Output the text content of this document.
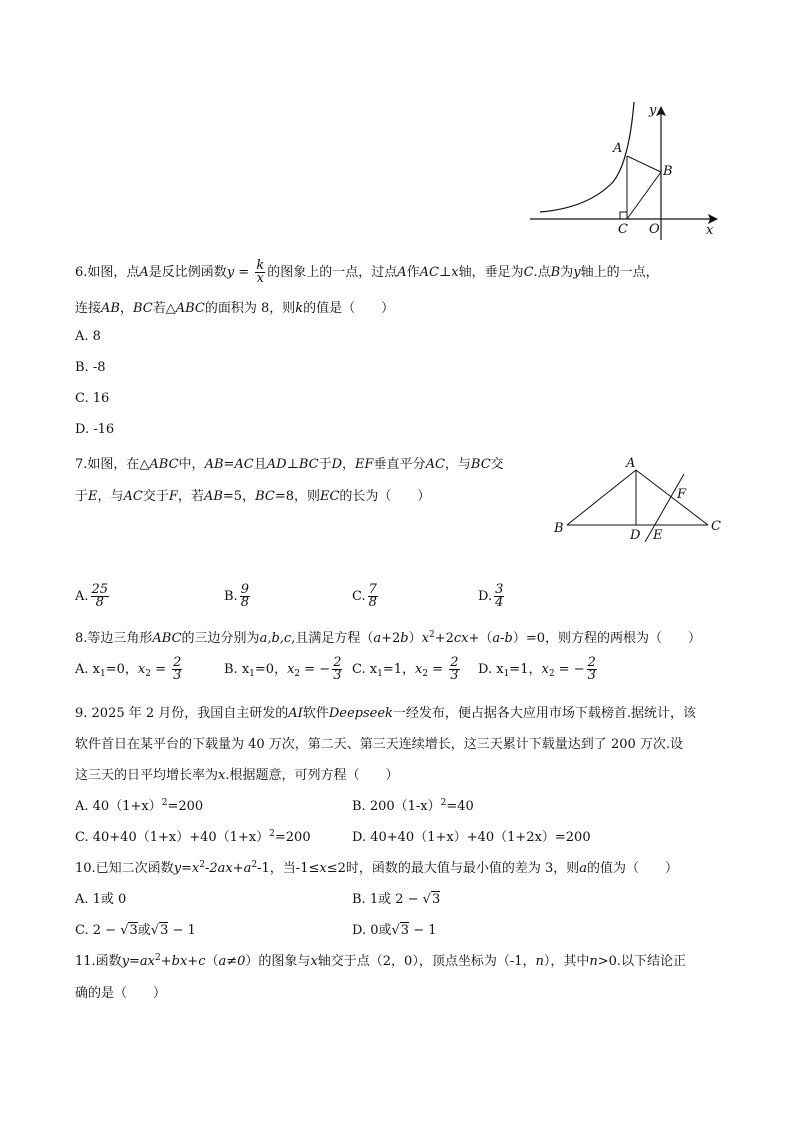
y
x
A
B
C O
6.如图，点A是反比例函数$y = \frac{k}{x}$ 的图象上的一点，过点A作AC⊥x轴，垂足为C.点B为y轴上的一点，
连接AB，BC若△ABC的面积为 8，则k的值是（　　）
A. 8
B. -8
C. 16
D. -16
A
B	C
D E
F
7.如图，在△ABC中，AB=AC且AD⊥BC于D，EF垂直平分AC，与BC交
于E，与AC交于F，若AB=5，BC=8，则EC的长为（　　）
A. $\frac{25}{8}$	B. $\frac{9}{8}$	C. $\frac{7}{8}$	D. $\frac{3}{4}$
8.等边三角形ABC的三边分别为a,b,c,且满足方程$(a+2b)x^2+2cx+(a-b)=0$，则方程的两根为（　　）
A. $x_1=0$，$x_2 = \frac{2}{3}$	B. $x_1=0$，$x_2$ = − $\frac{2}{3} C$. $x_1=1$，$x_2 = \frac{2}{3} D$. $x_1=1$，$x_2$ = − $\frac{2}{3}$
9. 2025 年 2 月份，我国自主研发的AI软件Deepseek一经发布，便占据各大应用市场下载榜首.据统计，该
软件首日在某平台的下载量为 40 万次，第二天、第三天连续增长，这三天累计下载量达到了 200 万次.设
这三天的日平均增长率为x.根据题意，可列方程（　　）
A. $40(1+x)^2=200$	B. $200(1-x)^2=40$
C. $40+40(1+x)+40(1+x)^2=200$	D. 40+40（1+x）+40（1+2x）=200
10.已知二次函数$y=x^2-2ax+a^2-1$，当-1≤x≤2时，函数的最大值与最小值的差为 3，则a的值为（　　）
A. 1或 0	B. 1或 2 − √3
C. 2 − √3或√3 − 1	D. 0或√3 − 1
11.函数$y=ax^2+bx+c(a\ne 0)$的图象与x轴交于点（2，0），顶点坐标为（-1，n），其中n>0.以下结论正
确的是（　　）
